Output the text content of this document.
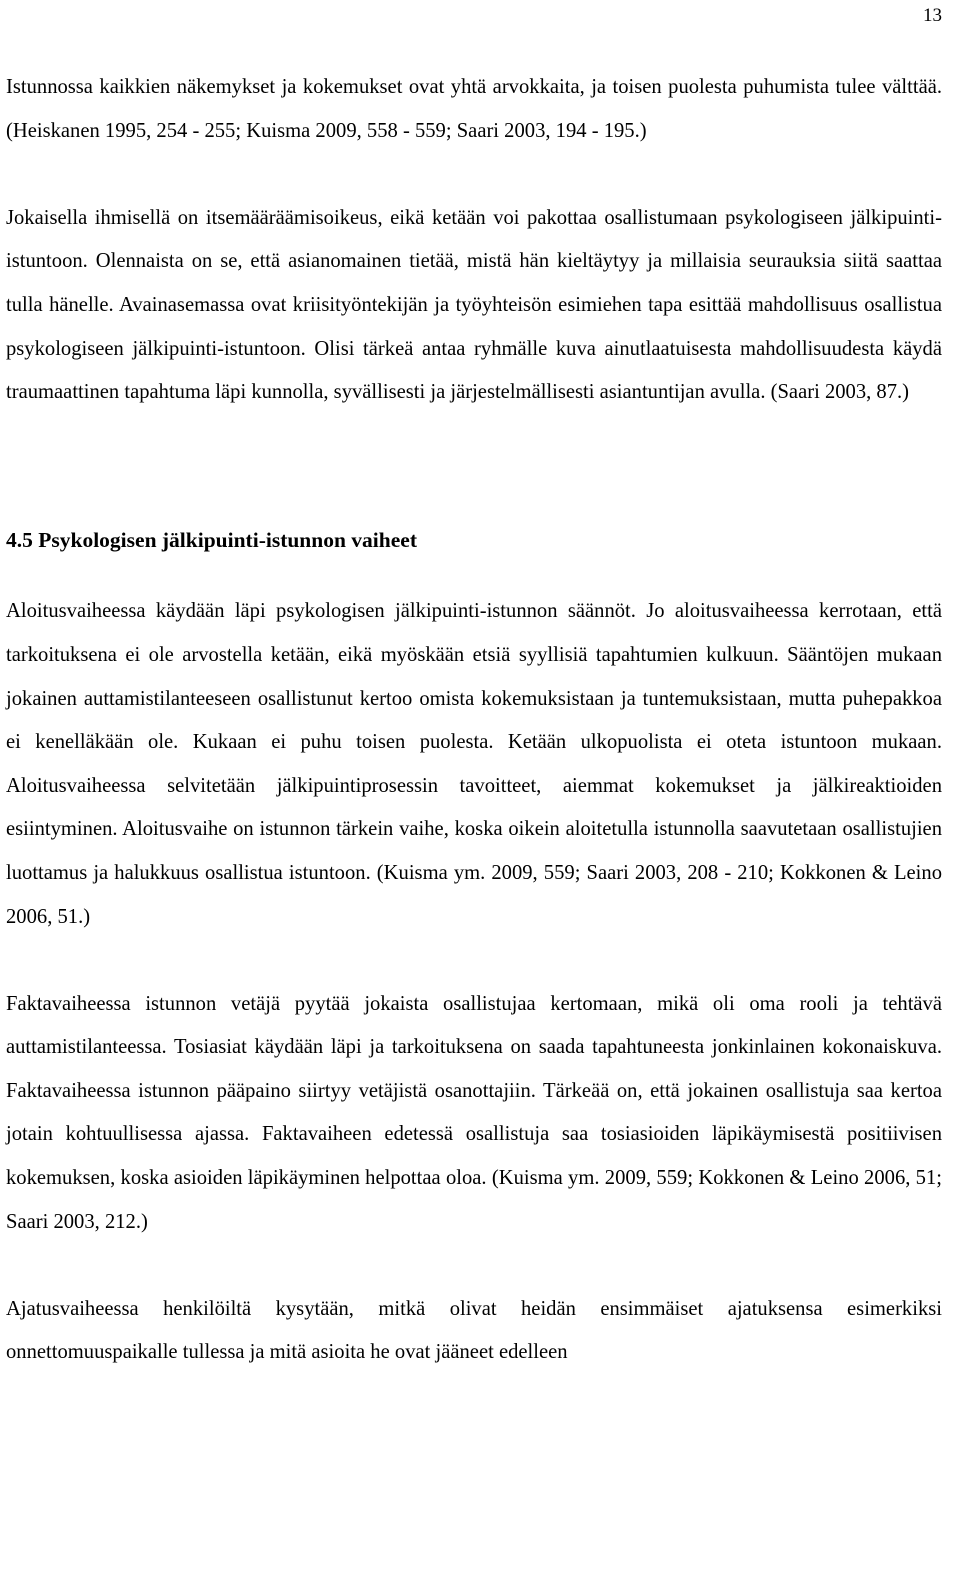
13

Istunnossa kaikkien näkemykset ja kokemukset ovat yhtä arvokkaita, ja toisen puolesta puhumista tulee välttää. (Heiskanen 1995, 254 - 255; Kuisma 2009, 558 - 559; Saari 2003, 194 - 195.)

Jokaisella ihmisellä on itsemääräämisoikeus, eikä ketään voi pakottaa osallistumaan psykologiseen jälkipuinti-istuntoon. Olennaista on se, että asianomainen tietää, mistä hän kieltäytyy ja millaisia seurauksia siitä saattaa tulla hänelle. Avainasemassa ovat kriisityöntekijän ja työyhteisön esimiehen tapa esittää mahdollisuus osallistua psykologiseen jälkipuinti-istuntoon. Olisi tärkeä antaa ryhmälle kuva ainutlaatuisesta mahdollisuudesta käydä traumaattinen tapahtuma läpi kunnolla, syvällisesti ja järjestelmällisesti asiantuntijan avulla. (Saari 2003, 87.)

4.5 Psykologisen jälkipuinti-istunnon vaiheet

Aloitusvaiheessa käydään läpi psykologisen jälkipuinti-istunnon säännöt. Jo aloitusvaiheessa kerrotaan, että tarkoituksena ei ole arvostella ketään, eikä myöskään etsiä syyllisiä tapahtumien kulkuun. Sääntöjen mukaan jokainen auttamistilanteeseen osallistunut kertoo omista kokemuksistaan ja tuntemuksistaan, mutta puhepakkoa ei kenelläkään ole. Kukaan ei puhu toisen puolesta. Ketään ulkopuolista ei oteta istuntoon mukaan. Aloitusvaiheessa selvitetään jälkipuintiprosessin tavoitteet, aiemmat kokemukset ja jälkireaktioiden esiintyminen. Aloitusvaihe on istunnon tärkein vaihe, koska oikein aloitetulla istunnolla saavutetaan osallistujien luottamus ja halukkuus osallistua istuntoon. (Kuisma ym. 2009, 559; Saari 2003, 208 - 210; Kokkonen & Leino 2006, 51.)

Faktavaiheessa istunnon vetäjä pyytää jokaista osallistujaa kertomaan, mikä oli oma rooli ja tehtävä auttamistilanteessa. Tosiasiat käydään läpi ja tarkoituksena on saada tapahtuneesta jonkinlainen kokonaiskuva. Faktavaiheessa istunnon pääpaino siirtyy vetäjistä osanottajiin. Tärkeää on, että jokainen osallistuja saa kertoa jotain kohtuullisessa ajassa. Faktavaiheen edetessä osallistuja saa tosiasioiden läpikäymisestä positiivisen kokemuksen, koska asioiden läpikäyminen helpottaa oloa. (Kuisma ym. 2009, 559; Kokkonen & Leino 2006, 51; Saari 2003, 212.)

Ajatusvaiheessa henkilöiltä kysytään, mitkä olivat heidän ensimmäiset ajatuksensa esimerkiksi onnettomuuspaikalle tullessa ja mitä asioita he ovat jääneet edelleen
